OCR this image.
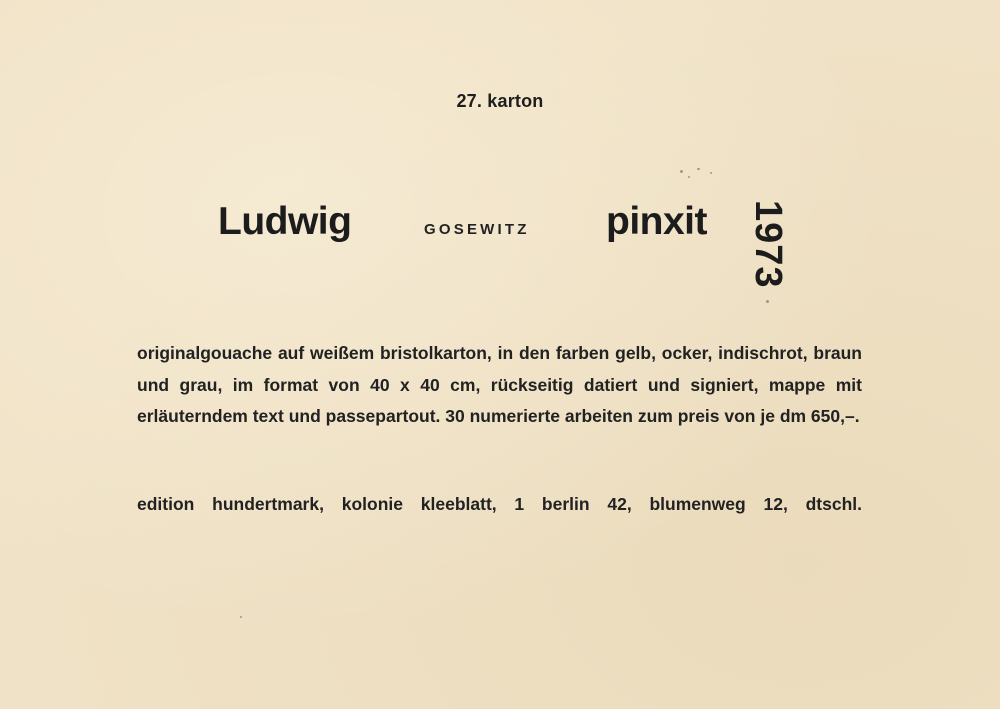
27. karton
Ludwig	GOSEWITZ pinxit 1973

originalgouache auf weißem bristolkarton, in den farben gelb, ocker, indischrot, braun und grau, im format von 40 x 40 cm, rückseitig datiert und signiert, mappe mit erläuterndem text und passepartout. 30 numerierte arbeiten zum preis von je dm 650,–.

edition hundertmark, kolonie kleeblatt, 1 berlin 42, blumenweg 12, dtschl.
